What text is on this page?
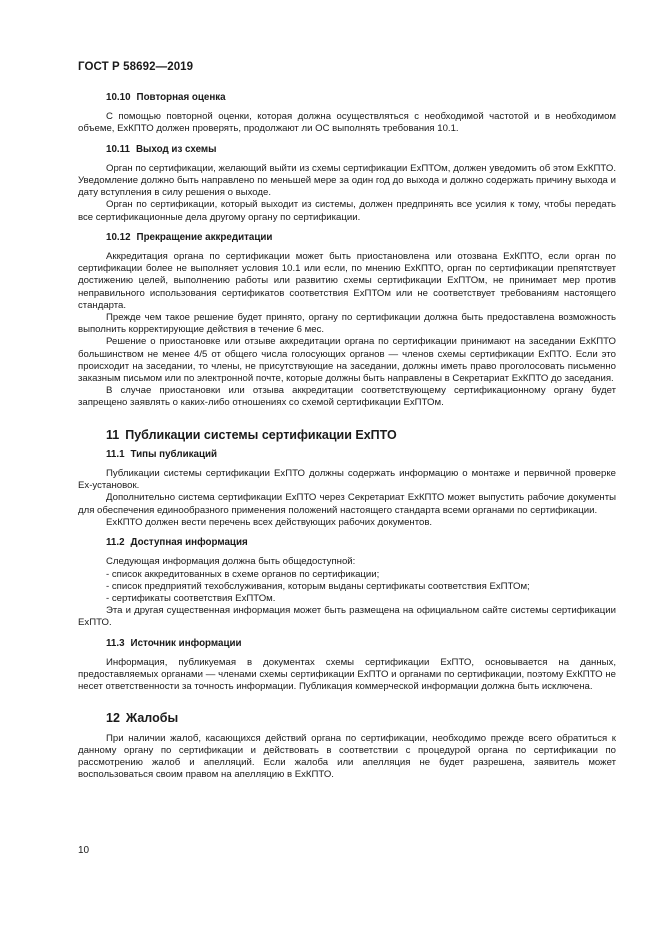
ГОСТ Р 58692—2019
10.10 Повторная оценка

С помощью повторной оценки, которая должна осуществляться с необходимой частотой и в необходимом объеме, ЕхКПТО должен проверять, продолжают ли ОС выполнять требования 10.1.

10.11 Выход из схемы

Орган по сертификации, желающий выйти из схемы сертификации ЕхПТОм, должен уведомить об этом ЕхКПТО. Уведомление должно быть направлено по меньшей мере за один год до выхода и должно содержать причину выхода и дату вступления в силу решения о выходе.

Орган по сертификации, который выходит из системы, должен предпринять все усилия к тому, чтобы передать все сертификационные дела другому органу по сертификации.

10.12 Прекращение аккредитации

Аккредитация органа по сертификации может быть приостановлена или отозвана ЕхКПТО, если орган по сертификации более не выполняет условия 10.1 или если, по мнению ЕхКПТО, орган по сертификации препятствует достижению целей, выполнению работы или развитию схемы сертификации ЕхПТОм, не принимает мер против неправильного использования сертификатов соответствия ЕхПТОм или не соответствует требованиям настоящего стандарта.

Прежде чем такое решение будет принято, органу по сертификации должна быть предоставлена возможность выполнить корректирующие действия в течение 6 мес.

Решение о приостановке или отзыве аккредитации органа по сертификации принимают на заседании ЕхКПТО большинством не менее 4/5 от общего числа голосующих органов — членов схемы сертификации ЕхПТО. Если это происходит на заседании, то члены, не присутствующие на заседании, должны иметь право проголосовать письменно заказным письмом или по электронной почте, которые должны быть направлены в Секретариат ЕхКПТО до заседания.

В случае приостановки или отзыва аккредитации соответствующему сертификационному органу будет запрещено заявлять о каких-либо отношениях со схемой сертификации ЕхПТОм.

11 Публикации системы сертификации ЕхПТО
11.1 Типы публикаций

Публикации системы сертификации ЕхПТО должны содержать информацию о монтаже и первичной проверке Ех-установок.

Дополнительно система сертификации ЕхПТО через Секретариат ЕхКПТО может выпустить рабочие документы для обеспечения единообразного применения положений настоящего стандарта всеми органами по сертификации.

ЕхКПТО должен вести перечень всех действующих рабочих документов.

11.2 Доступная информация

Следующая информация должна быть общедоступной:

- список аккредитованных в схеме органов по сертификации;

- список предприятий техобслуживания, которым выданы сертификаты соответствия ЕхПТОм;

- сертификаты соответствия ЕхПТОм.

Эта и другая существенная информация может быть размещена на официальном сайте системы сертификации ЕхПТО.

11.3 Источник информации

Информация, публикуемая в документах схемы сертификации ЕхПТО, основывается на данных, предоставляемых органами — членами схемы сертификации ЕхПТО и органами по сертификации, поэтому ЕхКПТО не несет ответственности за точность информации. Публикация коммерческой информации должна быть исключена.

12 Жалобы

При наличии жалоб, касающихся действий органа по сертификации, необходимо прежде всего обратиться к данному органу по сертификации и действовать в соответствии с процедурой органа по сертификации по рассмотрению жалоб и апелляций. Если жалоба или апелляция не будет разрешена, заявитель может воспользоваться своим правом на апелляцию в ЕхКПТО.

10
